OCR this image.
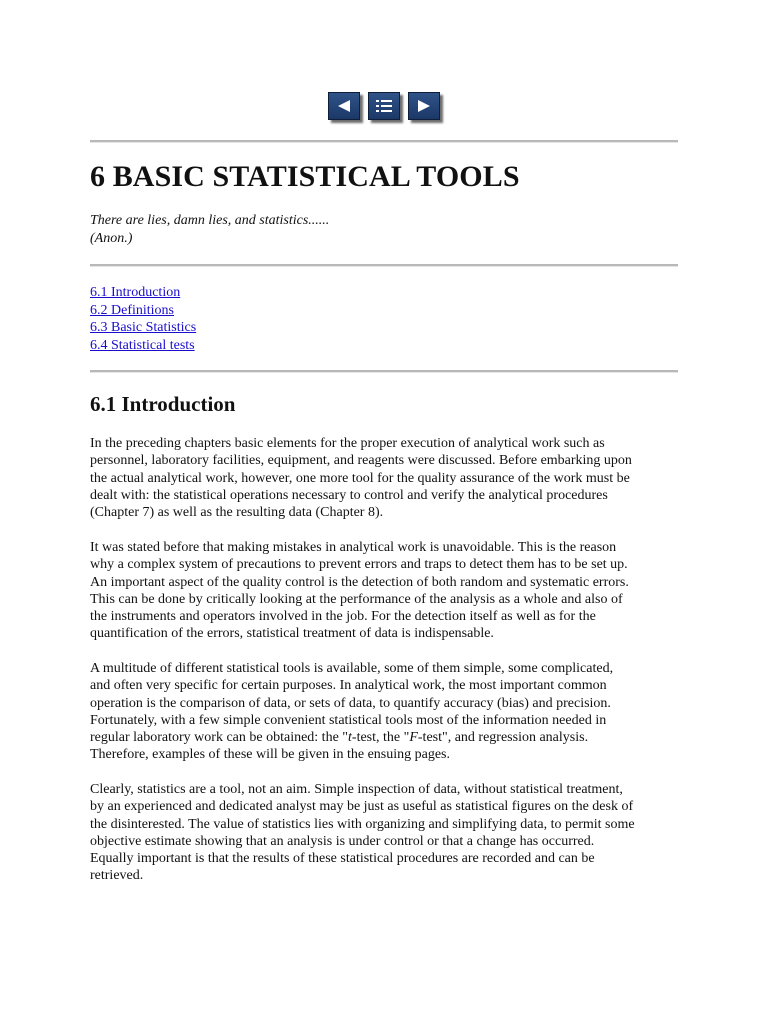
6 BASIC STATISTICAL TOOLS
There are lies, damn lies, and statistics......
(Anon.)
6.1 Introduction
6.2 Definitions
6.3 Basic Statistics
6.4 Statistical tests
6.1 Introduction
In the preceding chapters basic elements for the proper execution of analytical work such as
personnel, laboratory facilities, equipment, and reagents were discussed. Before embarking upon
the actual analytical work, however, one more tool for the quality assurance of the work must be
dealt with: the statistical operations necessary to control and verify the analytical procedures
(Chapter 7) as well as the resulting data (Chapter 8).
It was stated before that making mistakes in analytical work is unavoidable. This is the reason
why a complex system of precautions to prevent errors and traps to detect them has to be set up.
An important aspect of the quality control is the detection of both random and systematic errors.
This can be done by critically looking at the performance of the analysis as a whole and also of
the instruments and operators involved in the job. For the detection itself as well as for the
quantification of the errors, statistical treatment of data is indispensable.
A multitude of different statistical tools is available, some of them simple, some complicated,
and often very specific for certain purposes. In analytical work, the most important common
operation is the comparison of data, or sets of data, to quantify accuracy (bias) and precision.
Fortunately, with a few simple convenient statistical tools most of the information needed in
regular laboratory work can be obtained: the "t-test, the "F-test", and regression analysis.
Therefore, examples of these will be given in the ensuing pages.
Clearly, statistics are a tool, not an aim. Simple inspection of data, without statistical treatment,
by an experienced and dedicated analyst may be just as useful as statistical figures on the desk of
the disinterested. The value of statistics lies with organizing and simplifying data, to permit some
objective estimate showing that an analysis is under control or that a change has occurred.
Equally important is that the results of these statistical procedures are recorded and can be
retrieved.
